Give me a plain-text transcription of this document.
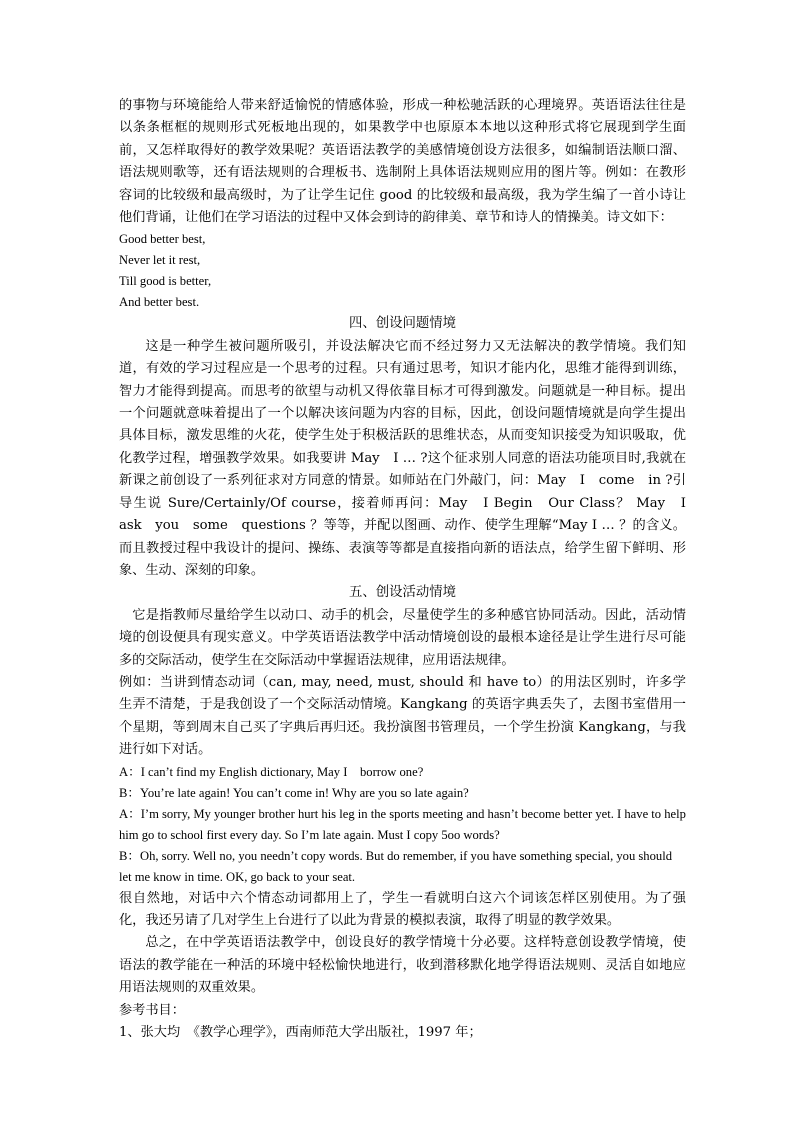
的事物与环境能给人带来舒适愉悦的情感体验，形成一种松驰活跃的心理境界。英语语法往往是以条条框框的规则形式死板地出现的，如果教学中也原原本本地以这种形式将它展现到学生面前，又怎样取得好的教学效果呢？英语语法教学的美感情境创设方法很多，如编制语法顺口溜、语法规则歌等，还有语法规则的合理板书、选制附上具体语法规则应用的图片等。例如：在教形容词的比较级和最高级时，为了让学生记住 good 的比较级和最高级，我为学生编了一首小诗让他们背诵，让他们在学习语法的过程中又体会到诗的韵律美、章节和诗人的情操美。诗文如下：

Good better best,

Never let it rest,

Till good is better,

And better best.

四、创设问题情境

这是一种学生被问题所吸引，并设法解决它而不经过努力又无法解决的教学情境。我们知道，有效的学习过程应是一个思考的过程。只有通过思考，知识才能内化，思维才能得到训练，智力才能得到提高。而思考的欲望与动机又得依靠目标才可得到激发。问题就是一种目标。提出一个问题就意味着提出了一个以解决该问题为内容的目标，因此，创设问题情境就是向学生提出具体目标，激发思维的火花，使学生处于积极活跃的思维状态，从而变知识接受为知识吸取，优化教学过程，增强教学效果。如我要讲 May　I … ?这个征求别人同意的语法功能项目时,我就在新课之前创设了一系列征求对方同意的情景。如师站在门外敲门，问：May　I　come　in ?引导生说 Sure/Certainly/Of course，接着师再问：May　I Begin　Our Class？ May　I　ask　you　some　questions ？等等，并配以图画、动作、使学生理解“May I … ？的含义。而且教授过程中我设计的提问、操练、表演等等都是直接指向新的语法点，给学生留下鲜明、形象、生动、深刻的印象。

五、创设活动情境

它是指教师尽量给学生以动口、动手的机会，尽量使学生的多种感官协同活动。因此，活动情境的创设便具有现实意义。中学英语语法教学中活动情境创设的最根本途径是让学生进行尽可能多的交际活动，使学生在交际活动中掌握语法规律，应用语法规律。

例如：当讲到情态动词（can, may, need, must, should 和 have to）的用法区别时，许多学生弄不清楚，于是我创设了一个交际活动情境。Kangkang 的英语字典丢失了，去图书室借用一个星期，等到周末自己买了字典后再归还。我扮演图书管理员，一个学生扮演 Kangkang，与我进行如下对话。

A：I can’t find my English dictionary, May I　borrow one?

B：You’re late again! You can’t come in! Why are you so late again?

A：I’m sorry, My younger brother hurt his leg in the sports meeting and hasn’t become better yet. I have to help him go to school first every day. So I’m late again. Must I copy 5oo words?

B：Oh, sorry. Well no, you needn’t copy words. But do remember, if you have something special, you should let me know in time. OK, go back to your seat.

很自然地，对话中六个情态动词都用上了，学生一看就明白这六个词该怎样区别使用。为了强化，我还另请了几对学生上台进行了以此为背景的模拟表演，取得了明显的教学效果。

总之，在中学英语语法教学中，创设良好的教学情境十分必要。这样特意创设教学情境，使语法的教学能在一种活的环境中轻松愉快地进行，收到潜移默化地学得语法规则、灵活自如地应用语法规则的双重效果。

参考书目：

1、张大均　《教学心理学》，西南师范大学出版社，1997 年；
